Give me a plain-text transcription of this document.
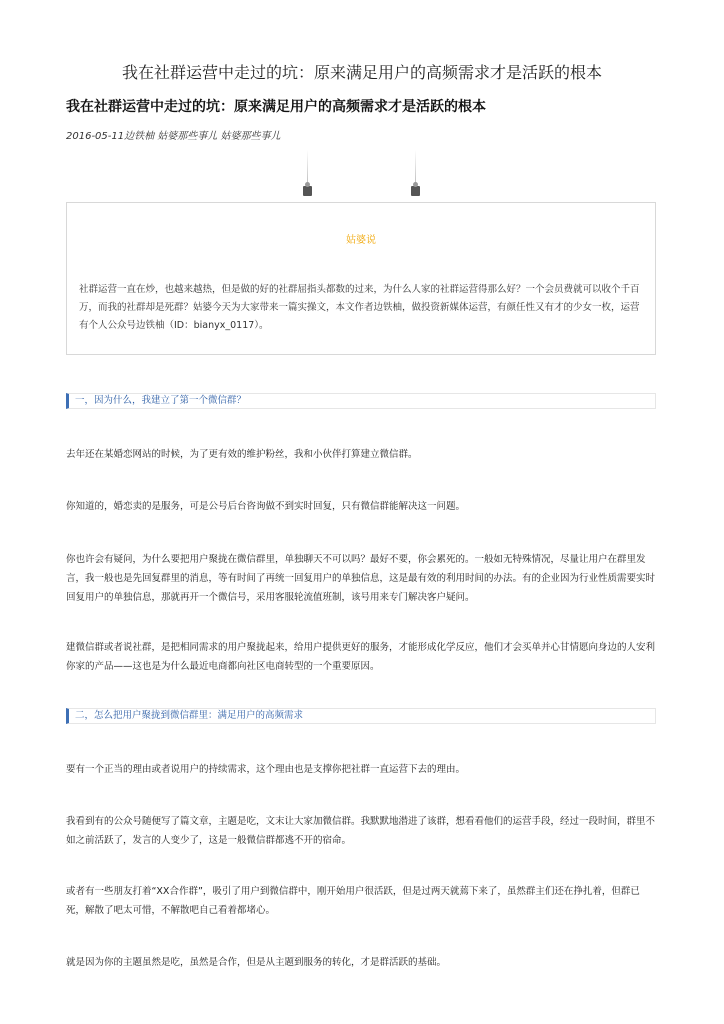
我在社群运营中走过的坑：原来满足用户的高频需求才是活跃的根本
我在社群运营中走过的坑：原来满足用户的高频需求才是活跃的根本
2016-05-11边铁柚 姑婆那些事儿 姑婆那些事儿
姑婆说
社群运营一直在炒，也越来越热，但是做的好的社群屈指头都数的过来，为什么人家的社群运营得那么好？一个会员费就可以收个千百万，而我的社群却是死群？姑婆今天为大家带来一篇实操文，本文作者边铁柚，做投资新媒体运营，有颜任性又有才的少女一枚，运营有个人公众号边铁柚（ID：bianyx_0117）。
一，因为什么，我建立了第一个微信群？
去年还在某婚恋网站的时候，为了更有效的维护粉丝，我和小伙伴打算建立微信群。
你知道的，婚恋卖的是服务，可是公号后台咨询做不到实时回复，只有微信群能解决这一问题。
你也许会有疑问，为什么要把用户聚拢在微信群里，单独聊天不可以吗？最好不要，你会累死的。一般如无特殊情况，尽量让用户在群里发言，我一般也是先回复群里的消息，等有时间了再统一回复用户的单独信息，这是最有效的利用时间的办法。有的企业因为行业性质需要实时回复用户的单独信息，那就再开一个微信号，采用客服轮流值班制，该号用来专门解决客户疑问。
建微信群或者说社群，是把相同需求的用户聚拢起来，给用户提供更好的服务，才能形成化学反应，他们才会买单并心甘情愿向身边的人安利你家的产品——这也是为什么最近电商都向社区电商转型的一个重要原因。
二，怎么把用户聚拢到微信群里：满足用户的高频需求
要有一个正当的理由或者说用户的持续需求，这个理由也是支撑你把社群一直运营下去的理由。
我看到有的公众号随便写了篇文章，主题是吃，文末让大家加微信群。我默默地潜进了该群，想看看他们的运营手段，经过一段时间，群里不如之前活跃了，发言的人变少了，这是一般微信群都逃不开的宿命。
或者有一些朋友打着“XX合作群”，吸引了用户到微信群中，刚开始用户很活跃，但是过两天就蔫下来了，虽然群主们还在挣扎着，但群已死，解散了吧太可惜，不解散吧自己看着都堵心。
就是因为你的主题虽然是吃，虽然是合作，但是从主题到服务的转化，才是群活跃的基础。
